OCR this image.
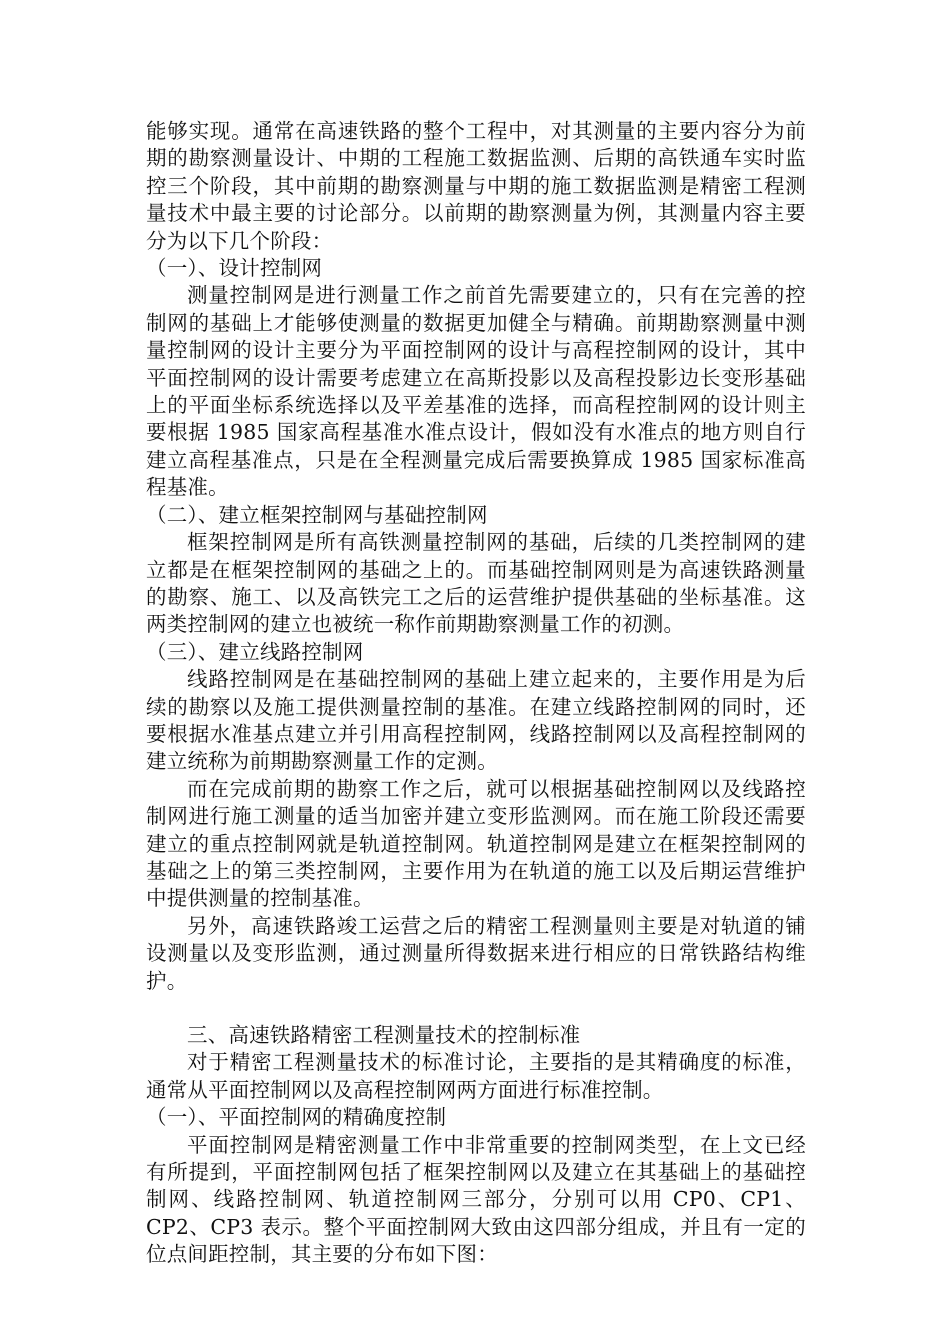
能够实现。通常在高速铁路的整个工程中，对其测量的主要内容分为前期的勘察测量设计、中期的工程施工数据监测、后期的高铁通车实时监控三个阶段，其中前期的勘察测量与中期的施工数据监测是精密工程测量技术中最主要的讨论部分。以前期的勘察测量为例，其测量内容主要分为以下几个阶段：

（一）、设计控制网

测量控制网是进行测量工作之前首先需要建立的，只有在完善的控制网的基础上才能够使测量的数据更加健全与精确。前期勘察测量中测量控制网的设计主要分为平面控制网的设计与高程控制网的设计，其中平面控制网的设计需要考虑建立在高斯投影以及高程投影边长变形基础上的平面坐标系统选择以及平差基准的选择，而高程控制网的设计则主要根据 1985 国家高程基准水准点设计，假如没有水准点的地方则自行建立高程基准点，只是在全程测量完成后需要换算成 1985 国家标准高程基准。

（二）、建立框架控制网与基础控制网

框架控制网是所有高铁测量控制网的基础，后续的几类控制网的建立都是在框架控制网的基础之上的。而基础控制网则是为高速铁路测量的勘察、施工、以及高铁完工之后的运营维护提供基础的坐标基准。这两类控制网的建立也被统一称作前期勘察测量工作的初测。

（三）、建立线路控制网

线路控制网是在基础控制网的基础上建立起来的，主要作用是为后续的勘察以及施工提供测量控制的基准。在建立线路控制网的同时，还要根据水准基点建立并引用高程控制网，线路控制网以及高程控制网的建立统称为前期勘察测量工作的定测。

而在完成前期的勘察工作之后，就可以根据基础控制网以及线路控制网进行施工测量的适当加密并建立变形监测网。而在施工阶段还需要建立的重点控制网就是轨道控制网。轨道控制网是建立在框架控制网的基础之上的第三类控制网，主要作用为在轨道的施工以及后期运营维护中提供测量的控制基准。

另外，高速铁路竣工运营之后的精密工程测量则主要是对轨道的铺设测量以及变形监测，通过测量所得数据来进行相应的日常铁路结构维护。

三、高速铁路精密工程测量技术的控制标准

对于精密工程测量技术的标准讨论，主要指的是其精确度的标准，通常从平面控制网以及高程控制网两方面进行标准控制。

（一）、平面控制网的精确度控制

平面控制网是精密测量工作中非常重要的控制网类型，在上文已经有所提到，平面控制网包括了框架控制网以及建立在其基础上的基础控制网、线路控制网、轨道控制网三部分，分别可以用 CP0、CP1、CP2、CP3 表示。整个平面控制网大致由这四部分组成，并且有一定的位点间距控制，其主要的分布如下图：
